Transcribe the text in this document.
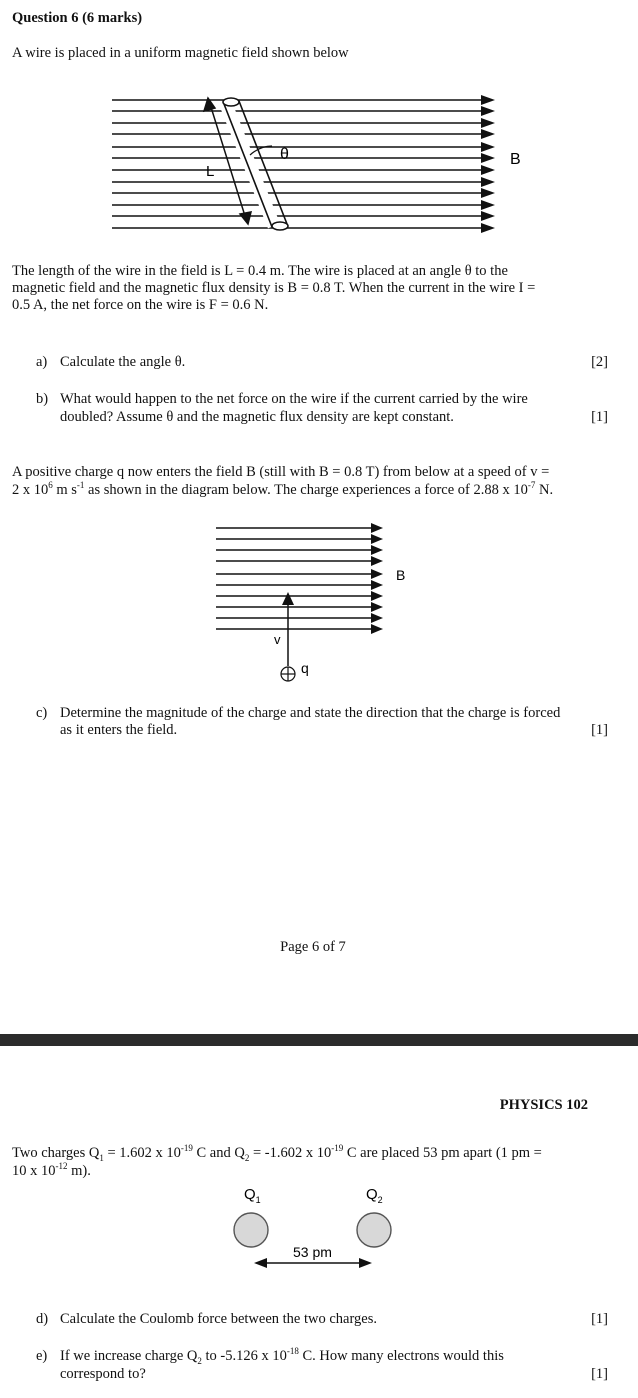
Question 6 (6 marks)
A wire is placed in a uniform magnetic field shown below
θ
L
B
The length of the wire in the field is L = 0.4 m. The wire is placed at an angle θ to the
magnetic field and the magnetic flux density is B = 0.8 T. When the current in the wire I =
0.5 A, the net force on the wire is F = 0.6 N.
a) Calculate the angle θ.	[2]
b) What would happen to the net force on the wire if the current carried by the wire
doubled? Assume θ and the magnetic flux density are kept constant.	[1]
A positive charge q now enters the field B (still with B = 0.8 T) from below at a speed of v =
2 x $10^6$ m $s^{-1}$ as shown in the diagram below. The charge experiences a force of 2.88 x $10^{-7}$ N.
B
v
q
c) Determine the magnitude of the charge and state the direction that the charge is forced
as it enters the field.	[1]
Page 6 of 7
PHYSICS 102
Two charges $Q_1 = 1.602$ x $10^{-19}$ C and $Q_2 = -1.602$ x $10^{-19}$ C are placed 53 pm apart (1 pm =
10 x $10^{-12}$ m).
$Q_1$	$Q_2$
53 pm
d) Calculate the Coulomb force between the two charges.	[1]
e) If we increase charge $Q_2$ to -5.126 x $10^{-18}$ C. How many electrons would this
correspond to?	[1]
